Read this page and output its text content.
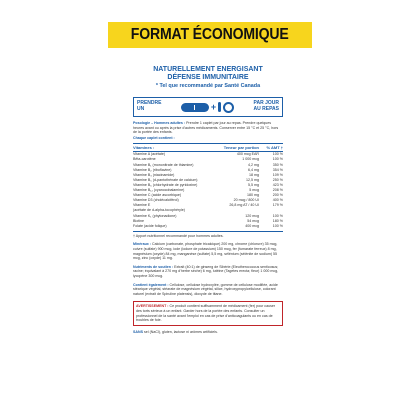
FORMAT ÉCONOMIQUE
NATURELLEMENT ÉNERGISANT
DÉFENSE IMMUNITAIRE
* Tel que recommandé par Santé Canada
PRENDRE
UN	+	PAR JOUR
AU REPAS
Posologie – Hommes adultes : Prendre 1 caplet par jour au repas. Prendre quelques heures avant ou après la prise d'autres médicaments. Conserver entre 15 °C et 25 °C, hors de la portée des enfants.
Chaque caplet contient :
Vitamines :	Teneur par portion	% AMT †
Vitamine A (acétate)	400 mcg EAR	100 %
Bêta-carotène	1 000 mcg	100 %
Vitamine B₁ (mononitrate de thiamine)	4,2 mg	350 %
Vitamine B₂ (riboflavine)	6,4 mg	354 %
Vitamine B₃ (niacinamide)	18 mg	109 %
Vitamine B₅ (d-pantothénate de calcium)	12,5 mg	250 %
Vitamine B₆ (chlorhydrate de pyridoxine)	5,5 mg	423 %
Vitamine B₁₂ (cyanocobalamine)	5 mcg	208 %
Vitamine C (acide ascorbique)	180 mg	200 %
Vitamine D3 (cholécalciférol)	20 mcg / 800 UI	400 %
Vitamine E	26,8 mg AT / 40 UI	179 %
(acétate de d-alpha-tocophéryle)
Vitamine K₁ (phytonadione)	120 mcg	100 %
Biotine	54 mcg	180 %
Folate (acide folique)	400 mcg	100 %
† Apport nutritionnel recommandé pour hommes adultes.
Minéraux : Calcium (carbonate, phosphate tricalcique) 200 mg, chrome (chlorure) 35 mcg, cuivre (sulfate) 900 mcg, iode (iodure de potassium) 150 mcg, fer (fumarate ferreux) 8 mg, magnésium (oxyde) 84 mg, manganèse (sulfate) 5,5 mg, sélénium (sélénite de sodium) 55 mcg, zinc (oxyde) 11 mg.
Nutriments de soutien : Extrait (40:1) de ginseng de Sibérie (Eleutherococcus senticosus; racine; équivalant à 270 mg d'herbe sèche) 6 mg, lutéine (Tagetes erecta; fleur) 1 000 mcg, lycopène 300 mcg.
Contient également : Cellulose, cellulose hydroxylée, gomme de cellulose modifiée, acide stéarique végétal, stéarate de magnésium végétal, silice, hydroxypropylcellulose, colorant naturel (extrait de Spiruline platensis), dioxyde de titane.
AVERTISSEMENT : Ce produit contient suffisamment de médicament (fer) pour causer des torts sérieux à un enfant. Garder hors de la portée des enfants. Consulter un professionnel de la santé avant l'emploi en cas de prise d'anticoagulants ou en cas de troubles de foie.
SANS sel (NaCl), gluten, lactose ni arômes artificiels.
